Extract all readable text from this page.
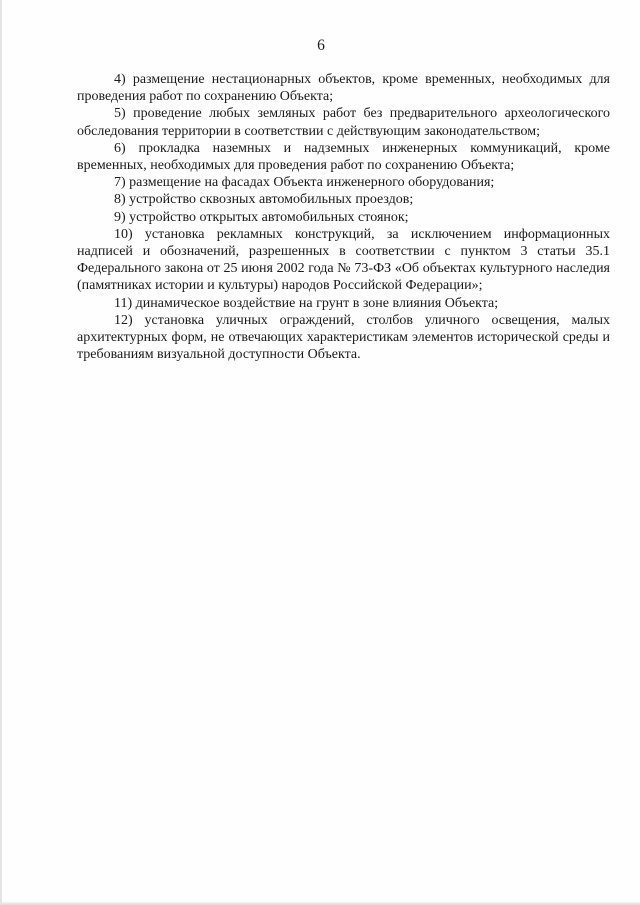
6

4) размещение нестационарных объектов, кроме временных, необходимых для проведения работ по сохранению Объекта;

5) проведение любых земляных работ без предварительного археологического обследования территории в соответствии с действующим законодательством;

6) прокладка наземных и надземных инженерных коммуникаций, кроме временных, необходимых для проведения работ по сохранению Объекта;

7) размещение на фасадах Объекта инженерного оборудования;

8) устройство сквозных автомобильных проездов;

9) устройство открытых автомобильных стоянок;

10) установка рекламных конструкций, за исключением информационных надписей и обозначений, разрешенных в соответствии с пунктом 3 статьи 35.1 Федерального закона от 25 июня 2002 года № 73-ФЗ «Об объектах культурного наследия (памятниках истории и культуры) народов Российской Федерации»;

11) динамическое воздействие на грунт в зоне влияния Объекта;

12) установка уличных ограждений, столбов уличного освещения, малых архитектурных форм, не отвечающих характеристикам элементов исторической среды и требованиям визуальной доступности Объекта.
